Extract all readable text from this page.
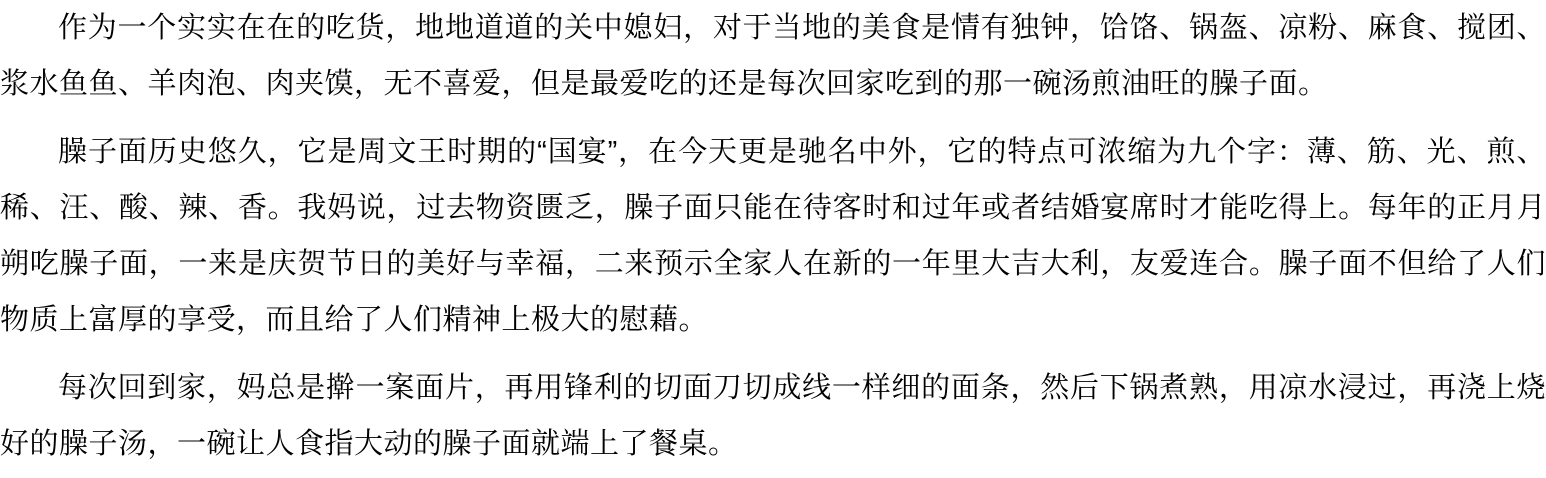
作为一个实实在在的吃货，地地道道的关中媳妇，对于当地的美食是情有独钟，饸饹、锅盔、凉粉、麻食、搅团、浆水鱼鱼、羊肉泡、肉夹馍，无不喜爱，但是最爱吃的还是每次回家吃到的那一碗汤煎油旺的臊子面。

臊子面历史悠久，它是周文王时期的“国宴”，在今天更是驰名中外，它的特点可浓缩为九个字：薄、筋、光、煎、稀、汪、酸、辣、香。我妈说，过去物资匮乏，臊子面只能在待客时和过年或者结婚宴席时才能吃得上。每年的正月月朔吃臊子面，一来是庆贺节日的美好与幸福，二来预示全家人在新的一年里大吉大利，友爱连合。臊子面不但给了人们物质上富厚的享受，而且给了人们精神上极大的慰藉。

每次回到家，妈总是擀一案面片，再用锋利的切面刀切成线一样细的面条，然后下锅煮熟，用凉水浸过，再浇上烧好的臊子汤，一碗让人食指大动的臊子面就端上了餐桌。
